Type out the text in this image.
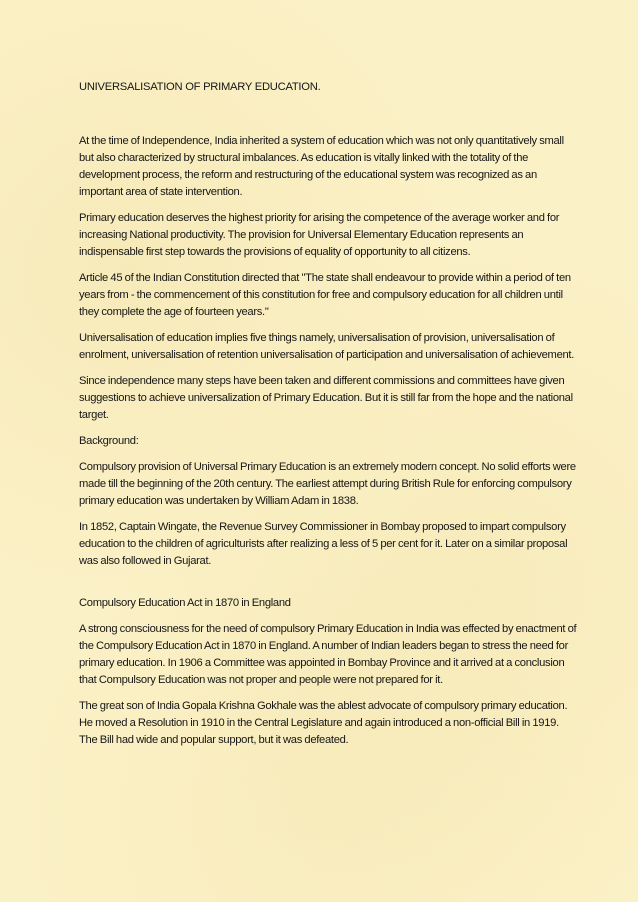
UNIVERSALISATION OF PRIMARY EDUCATION.

At the time of Independence, India inherited a system of education which was not only quantitatively small but also characterized by structural imbalances. As education is vitally linked with the totality of the development process, the reform and restructuring of the educational system was recognized as an important area of state intervention.

Primary education deserves the highest priority for arising the competence of the average worker and for increasing National productivity. The provision for Universal Elementary Education represents an indispensable first step towards the provisions of equality of opportunity to all citizens.

Article 45 of the Indian Constitution directed that "The state shall endeavour to provide within a period of ten years from - the commencement of this constitution for free and compulsory education for all children until they complete the age of fourteen years."

Universalisation of education implies five things namely, universalisation of provision, universalisation of enrolment, universalisation of retention universalisation of participation and universalisation of achievement.

Since independence many steps have been taken and different commissions and committees have given suggestions to achieve universalization of Primary Education. But it is still far from the hope and the national target.

Background:

Compulsory provision of Universal Primary Education is an extremely modern concept. No solid efforts were made till the beginning of the 20th century. The earliest attempt during British Rule for enforcing compulsory primary education was undertaken by William Adam in 1838.

In 1852, Captain Wingate, the Revenue Survey Commissioner in Bombay proposed to impart compulsory education to the children of agriculturists after realizing a less of 5 per cent for it. Later on a similar proposal was also followed in Gujarat.

Compulsory Education Act in 1870 in England

A strong consciousness for the need of compulsory Primary Education in India was effected by enactment of the Compulsory Education Act in 1870 in England. A number of Indian leaders began to stress the need for primary education. In 1906 a Committee was appointed in Bombay Province and it arrived at a conclusion that Compulsory Education was not proper and people were not prepared for it.

The great son of India Gopala Krishna Gokhale was the ablest advocate of compulsory primary education. He moved a Resolution in 1910 in the Central Legislature and again introduced a non-official Bill in 1919. The Bill had wide and popular support, but it was defeated.
